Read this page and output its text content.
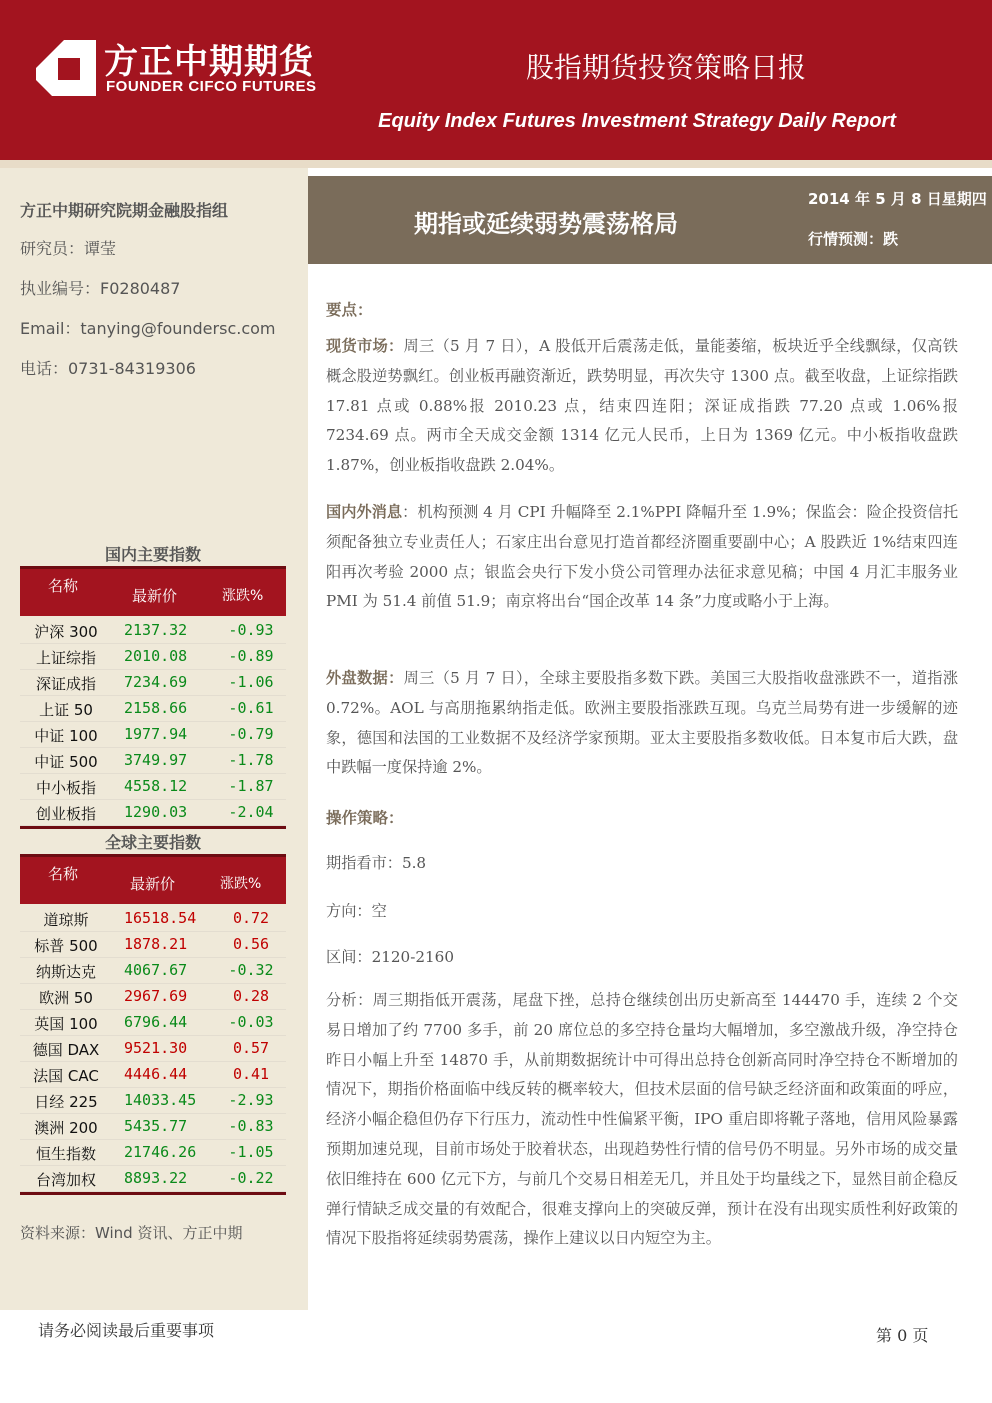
方正中期期货
FOUNDER CIFCO FUTURES
股指期货投资策略日报
Equity Index Futures Investment Strategy Daily Report
方正中期研究院期金融股指组
研究员：谭莹
执业编号：F0280487
Email：tanying@foundersc.com
电话：0731-84319306
国内主要指数
名称
最新价	涨跌%
沪深 300	2137.32	-0.93
上证综指	2010.08	-0.89
深证成指	7234.69	-1.06
上证 50	2158.66	-0.61
中证 100	1977.94	-0.79
中证 500	3749.97	-1.78
中小板指	4558.12	-1.87
创业板指	1290.03	-2.04
全球主要指数
名称
最新价	涨跌%
道琼斯	16518.54	0.72
标普 500	1878.21	0.56
纳斯达克	4067.67	-0.32
欧洲 50	2967.69	0.28
英国 100	6796.44	-0.03
德国 DAX	9521.30	0.57
法国 CAC	4446.44	0.41
日经 225	14033.45	-2.93
澳洲 200	5435.77	-0.83
恒生指数	21746.26	-1.05
台湾加权	8893.22	-0.22
资料来源：Wind 资讯、方正中期
期指或延续弱势震荡格局
2014 年 5 月 8 日星期四
行情预测：跌
要点：
现货市场：周三（5 月 7 日），A 股低开后震荡走低，量能萎缩，板块近乎全线飘绿，仅高铁概念股逆势飘红。创业板再融资渐近，跌势明显，再次失守 1300 点。截至收盘，上证综指跌 17.81 点或 0.88%报 2010.23 点，结束四连阳；深证成指跌 77.20 点或 1.06%报 7234.69 点。两市全天成交金额 1314 亿元人民币，上日为 1369 亿元。中小板指收盘跌 1.87%，创业板指收盘跌 2.04%。
国内外消息：机构预测 4 月 CPI 升幅降至 2.1%PPI 降幅升至 1.9%；保监会：险企投资信托须配备独立专业责任人；石家庄出台意见打造首都经济圈重要副中心；A 股跌近 1%结束四连阳再次考验 2000 点；银监会央行下发小贷公司管理办法征求意见稿；中国 4 月汇丰服务业 PMI 为 51.4 前值 51.9；南京将出台“国企改革 14 条”力度或略小于上海。
外盘数据：周三（5 月 7 日），全球主要股指多数下跌。美国三大股指收盘涨跌不一，道指涨 0.72%。AOL 与高朋拖累纳指走低。欧洲主要股指涨跌互现。乌克兰局势有进一步缓解的迹象，德国和法国的工业数据不及经济学家预期。亚太主要股指多数收低。日本复市后大跌，盘中跌幅一度保持逾 2%。
操作策略：
期指看市：5.8
方向：空
区间：2120-2160
分析：周三期指低开震荡，尾盘下挫，总持仓继续创出历史新高至 144470 手，连续 2 个交易日增加了约 7700 多手，前 20 席位总的多空持仓量均大幅增加，多空激战升级，净空持仓昨日小幅上升至 14870 手，从前期数据统计中可得出总持仓创新高同时净空持仓不断增加的情况下，期指价格面临中线反转的概率较大，但技术层面的信号缺乏经济面和政策面的呼应，经济小幅企稳但仍存下行压力，流动性中性偏紧平衡，IPO 重启即将靴子落地，信用风险暴露预期加速兑现，目前市场处于胶着状态，出现趋势性行情的信号仍不明显。另外市场的成交量依旧维持在 600 亿元下方，与前几个交易日相差无几，并且处于均量线之下，显然目前企稳反弹行情缺乏成交量的有效配合，很难支撑向上的突破反弹，预计在没有出现实质性利好政策的情况下股指将延续弱势震荡，操作上建议以日内短空为主。
请务必阅读最后重要事项	第 0 页
